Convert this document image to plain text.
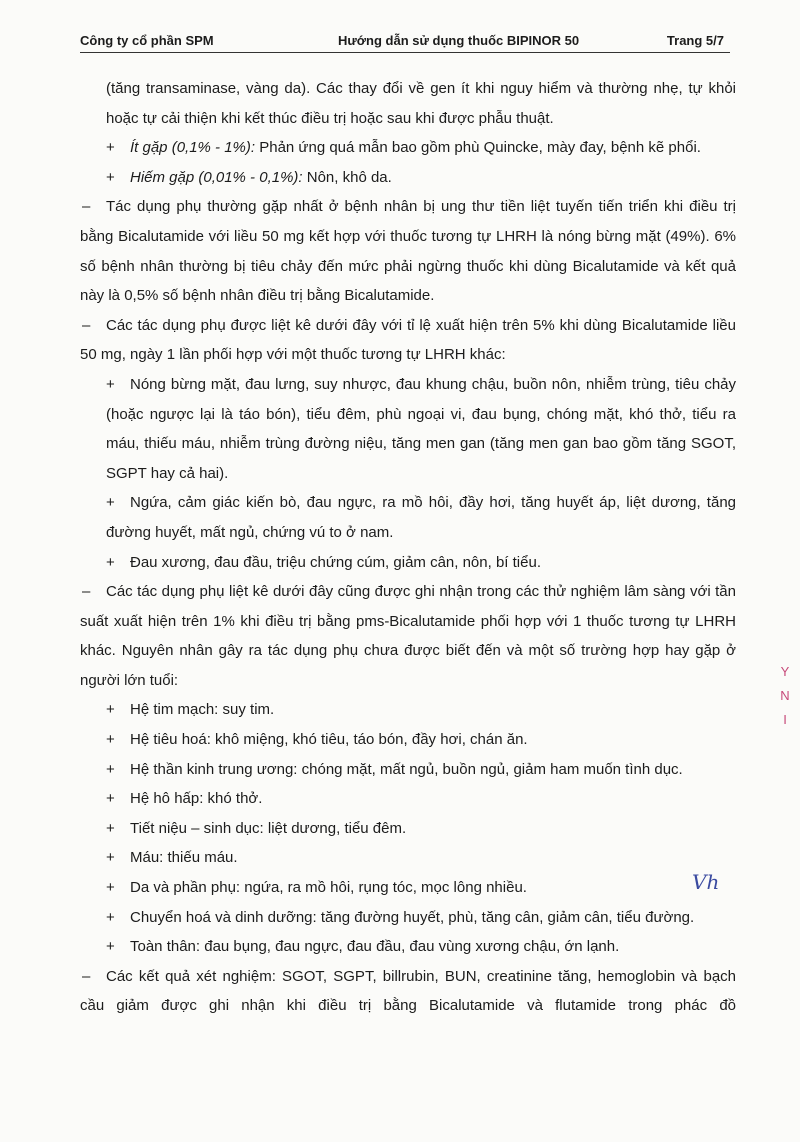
Công ty cổ phần SPM	Hướng dẫn sử dụng thuốc BIPINOR 50	Trang 5/7

(tăng transaminase, vàng da). Các thay đổi về gen ít khi nguy hiểm và thường nhẹ, tự khỏi hoặc tự cải thiện khi kết thúc điều trị hoặc sau khi được phẫu thuật.

+ Ít gặp (0,1% - 1%): Phản ứng quá mẫn bao gồm phù Quincke, mày đay, bệnh kẽ phổi.

+ Hiếm gặp (0,01% - 0,1%): Nôn, khô da.

– Tác dụng phụ thường gặp nhất ở bệnh nhân bị ung thư tiền liệt tuyến tiến triển khi điều trị bằng Bicalutamide với liều 50 mg kết hợp với thuốc tương tự LHRH là nóng bừng mặt (49%). 6% số bệnh nhân thường bị tiêu chảy đến mức phải ngừng thuốc khi dùng Bicalutamide và kết quả này là 0,5% số bệnh nhân điều trị bằng Bicalutamide.

– Các tác dụng phụ được liệt kê dưới đây với tỉ lệ xuất hiện trên 5% khi dùng Bicalutamide liều 50 mg, ngày 1 lần phối hợp với một thuốc tương tự LHRH khác:

+ Nóng bừng mặt, đau lưng, suy nhược, đau khung chậu, buồn nôn, nhiễm trùng, tiêu chảy (hoặc ngược lại là táo bón), tiểu đêm, phù ngoại vi, đau bụng, chóng mặt, khó thở, tiểu ra máu, thiếu máu, nhiễm trùng đường niệu, tăng men gan (tăng men gan bao gồm tăng SGOT, SGPT hay cả hai).

+ Ngứa, cảm giác kiến bò, đau ngực, ra mồ hôi, đầy hơi, tăng huyết áp, liệt dương, tăng đường huyết, mất ngủ, chứng vú to ở nam.

+ Đau xương, đau đầu, triệu chứng cúm, giảm cân, nôn, bí tiểu.

– Các tác dụng phụ liệt kê dưới đây cũng được ghi nhận trong các thử nghiệm lâm sàng với tần suất xuất hiện trên 1% khi điều trị bằng pms-Bicalutamide phối hợp với 1 thuốc tương tự LHRH khác. Nguyên nhân gây ra tác dụng phụ chưa được biết đến và một số trường hợp hay gặp ở người lớn tuổi:

+ Hệ tim mạch: suy tim.

+ Hệ tiêu hoá: khô miệng, khó tiêu, táo bón, đầy hơi, chán ăn.

+ Hệ thần kinh trung ương: chóng mặt, mất ngủ, buồn ngủ, giảm ham muốn tình dục.

+ Hệ hô hấp: khó thở.

+ Tiết niệu – sinh dục: liệt dương, tiểu đêm.

+ Máu: thiếu máu.

+ Da và phần phụ: ngứa, ra mồ hôi, rụng tóc, mọc lông nhiều.

+ Chuyển hoá và dinh dưỡng: tăng đường huyết, phù, tăng cân, giảm cân, tiểu đường.

+ Toàn thân: đau bụng, đau ngực, đau đầu, đau vùng xương chậu, ớn lạnh.

– Các kết quả xét nghiệm: SGOT, SGPT, billrubin, BUN, creatinine tăng, hemoglobin và bạch cầu giảm được ghi nhận khi điều trị bằng Bicalutamide và flutamide trong phác đồ

Y
N
I
Vh
